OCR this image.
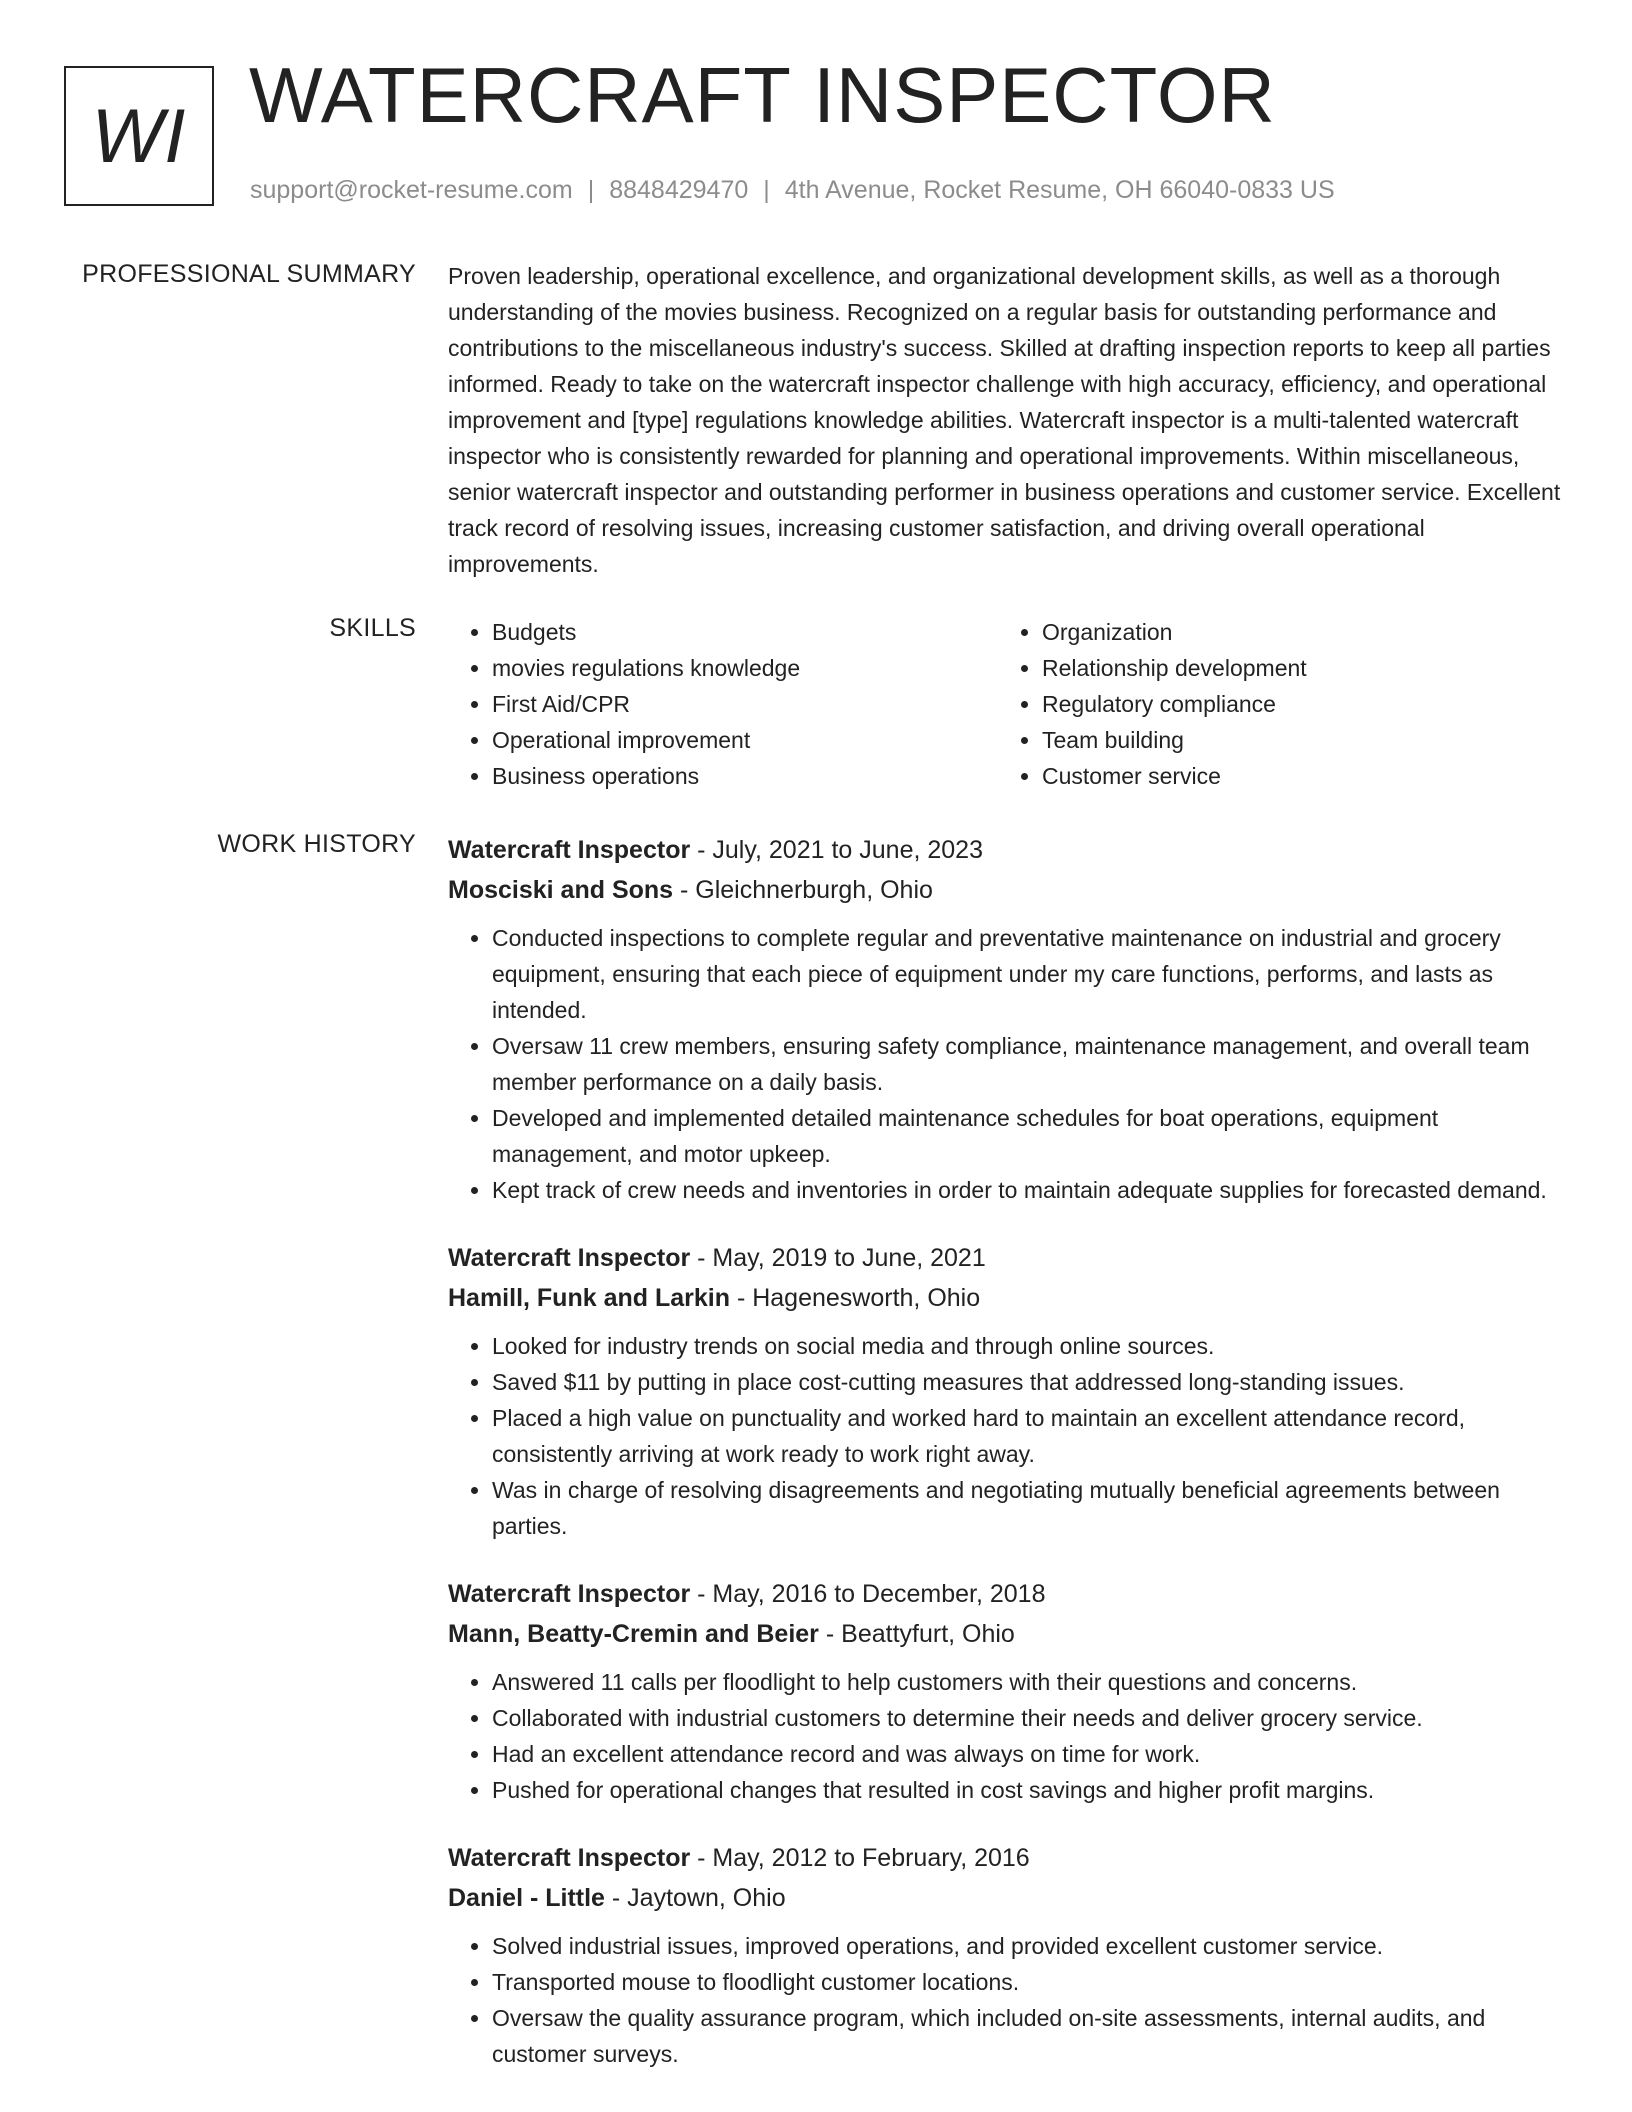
WI WATERCRAFT INSPECTOR
support@rocket-resume.com | 8848429470 | 4th Avenue, Rocket Resume, OH 66040-0833 US
PROFESSIONAL SUMMARY Proven leadership, operational excellence, and organizational development skills, as well as a thorough understanding of the movies business. Recognized on a regular basis for outstanding performance and contributions to the miscellaneous industry's success. Skilled at drafting inspection reports to keep all parties informed. Ready to take on the watercraft inspector challenge with high accuracy, efficiency, and operational improvement and [type] regulations knowledge abilities. Watercraft inspector is a multi-talented watercraft inspector who is consistently rewarded for planning and operational improvements. Within miscellaneous, senior watercraft inspector and outstanding performer in business operations and customer service. Excellent track record of resolving issues, increasing customer satisfaction, and driving overall operational improvements.
SKILLS
•	Budgets
• movies regulations knowledge
• First Aid/CPR
• Operational improvement
• Business operations
• Organization
• Relationship development
• Regulatory compliance
• Team building
• Customer service
WORK HISTORY Watercraft Inspector - July, 2021 to June, 2023
Mosciski and Sons - Gleichnerburgh, Ohio
• Conducted inspections to complete regular and preventative maintenance on industrial and grocery equipment, ensuring that each piece of equipment under my care functions, performs, and lasts as intended.
• Oversaw 11 crew members, ensuring safety compliance, maintenance management, and overall team member performance on a daily basis.
• Developed and implemented detailed maintenance schedules for boat operations, equipment management, and motor upkeep.
• Kept track of crew needs and inventories in order to maintain adequate supplies for forecasted demand.
Watercraft Inspector - May, 2019 to June, 2021
Hamill, Funk and Larkin - Hagenesworth, Ohio
• Looked for industry trends on social media and through online sources.
• Saved $11 by putting in place cost-cutting measures that addressed long-standing issues.
• Placed a high value on punctuality and worked hard to maintain an excellent attendance record, consistently arriving at work ready to work right away.
• Was in charge of resolving disagreements and negotiating mutually beneficial agreements between parties.
Watercraft Inspector - May, 2016 to December, 2018
Mann, Beatty-Cremin and Beier - Beattyfurt, Ohio
• Answered 11 calls per floodlight to help customers with their questions and concerns.
• Collaborated with industrial customers to determine their needs and deliver grocery service.
• Had an excellent attendance record and was always on time for work.
• Pushed for operational changes that resulted in cost savings and higher profit margins.
Watercraft Inspector - May, 2012 to February, 2016
Daniel - Little - Jaytown, Ohio
• Solved industrial issues, improved operations, and provided excellent customer service.
• Transported mouse to floodlight customer locations.
• Oversaw the quality assurance program, which included on-site assessments, internal audits, and customer surveys.
